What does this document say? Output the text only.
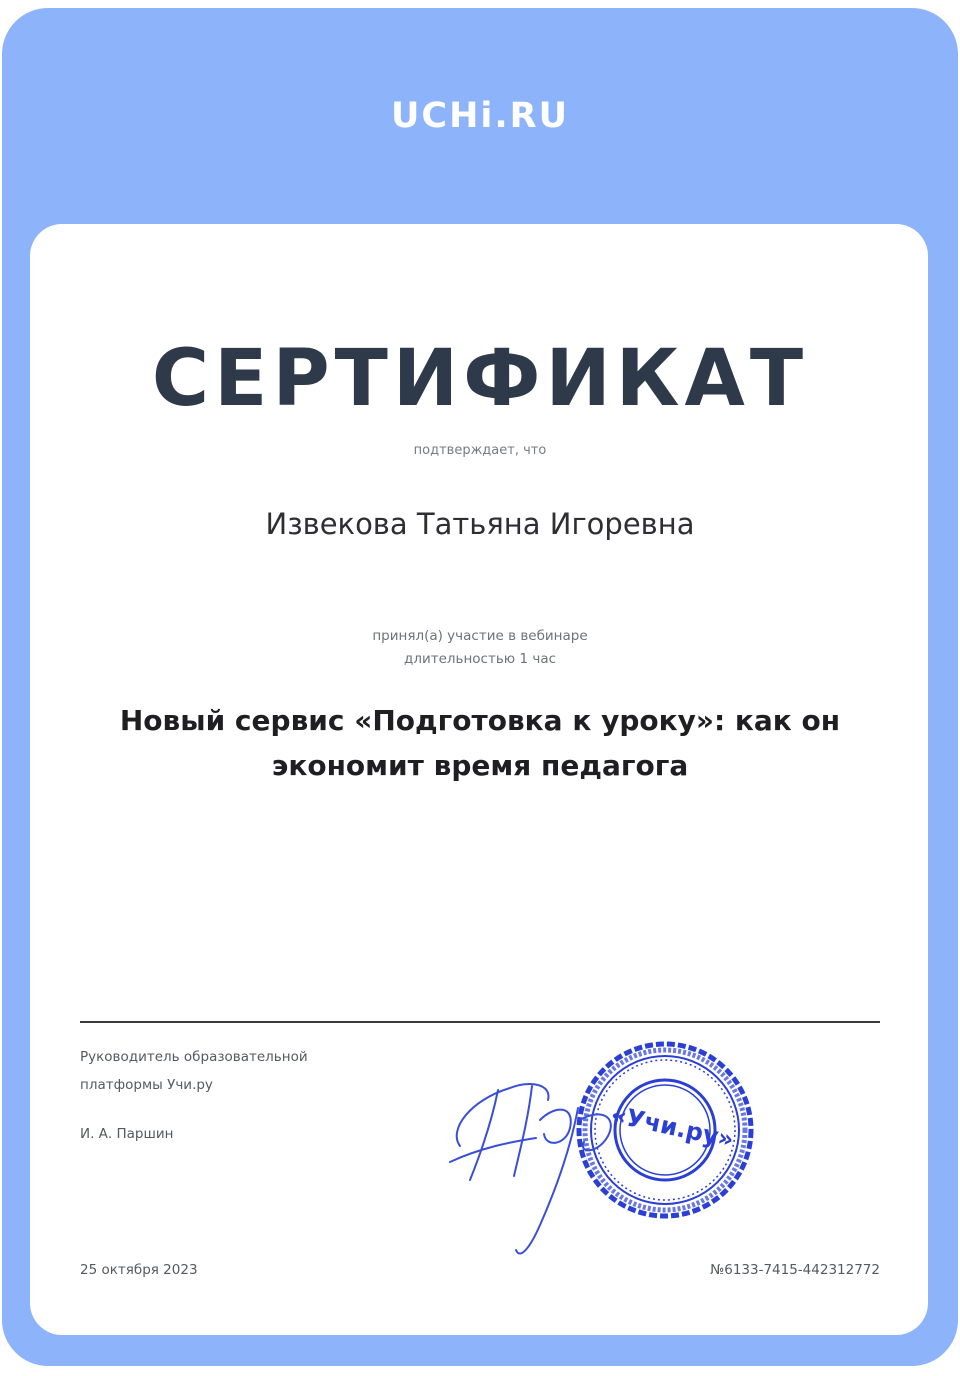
UCHi.RU
СЕРТИФИКАТ
подтверждает, что
Извекова Татьяна Игоревна
принял(а) участие в вебинаре
длительностью 1 час
Новый сервис «Подготовка к уроку»: как он
экономит время педагога
Руководитель образовательной
платформы Учи.ру
И. А. Паршин	«Учи.ру»
25 октября 2023	№6133-7415-442312772
